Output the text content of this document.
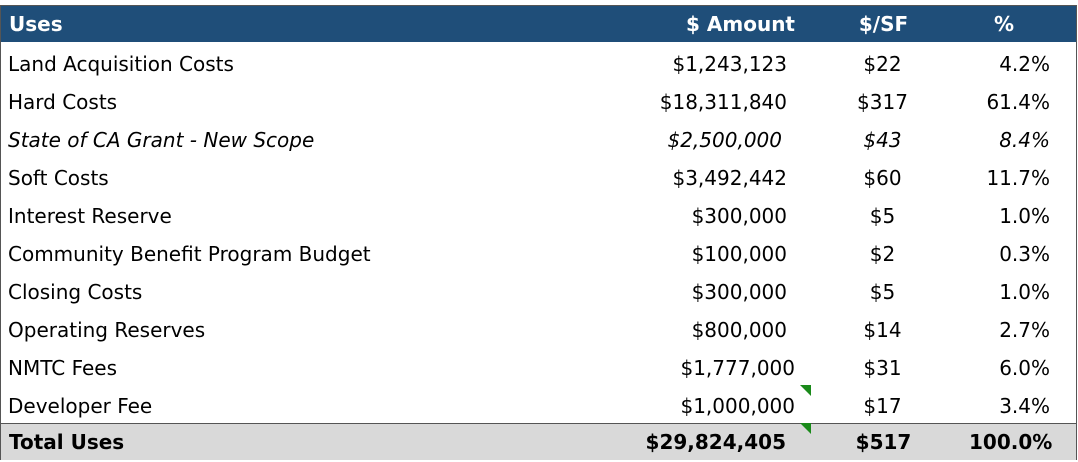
Uses	$ Amount	$/SF	%
Land Acquisition Costs	$1,243,123	$22	4.2%
Hard Costs	$18,311,840	$317	61.4%
State of CA Grant - New Scope	$2,500,000	$43	8.4%
Soft Costs	$3,492,442	$60	11.7%
Interest Reserve	$300,000	$5	1.0%
Community Benefit Program Budget	$100,000	$2	0.3%
Closing Costs	$300,000	$5	1.0%
Operating Reserves	$800,000	$14	2.7%
NMTC Fees	$1,777,000	$31	6.0%
Developer Fee	$1,000,000	$17	3.4%
Total Uses	$29,824,405	$517	100.0%
